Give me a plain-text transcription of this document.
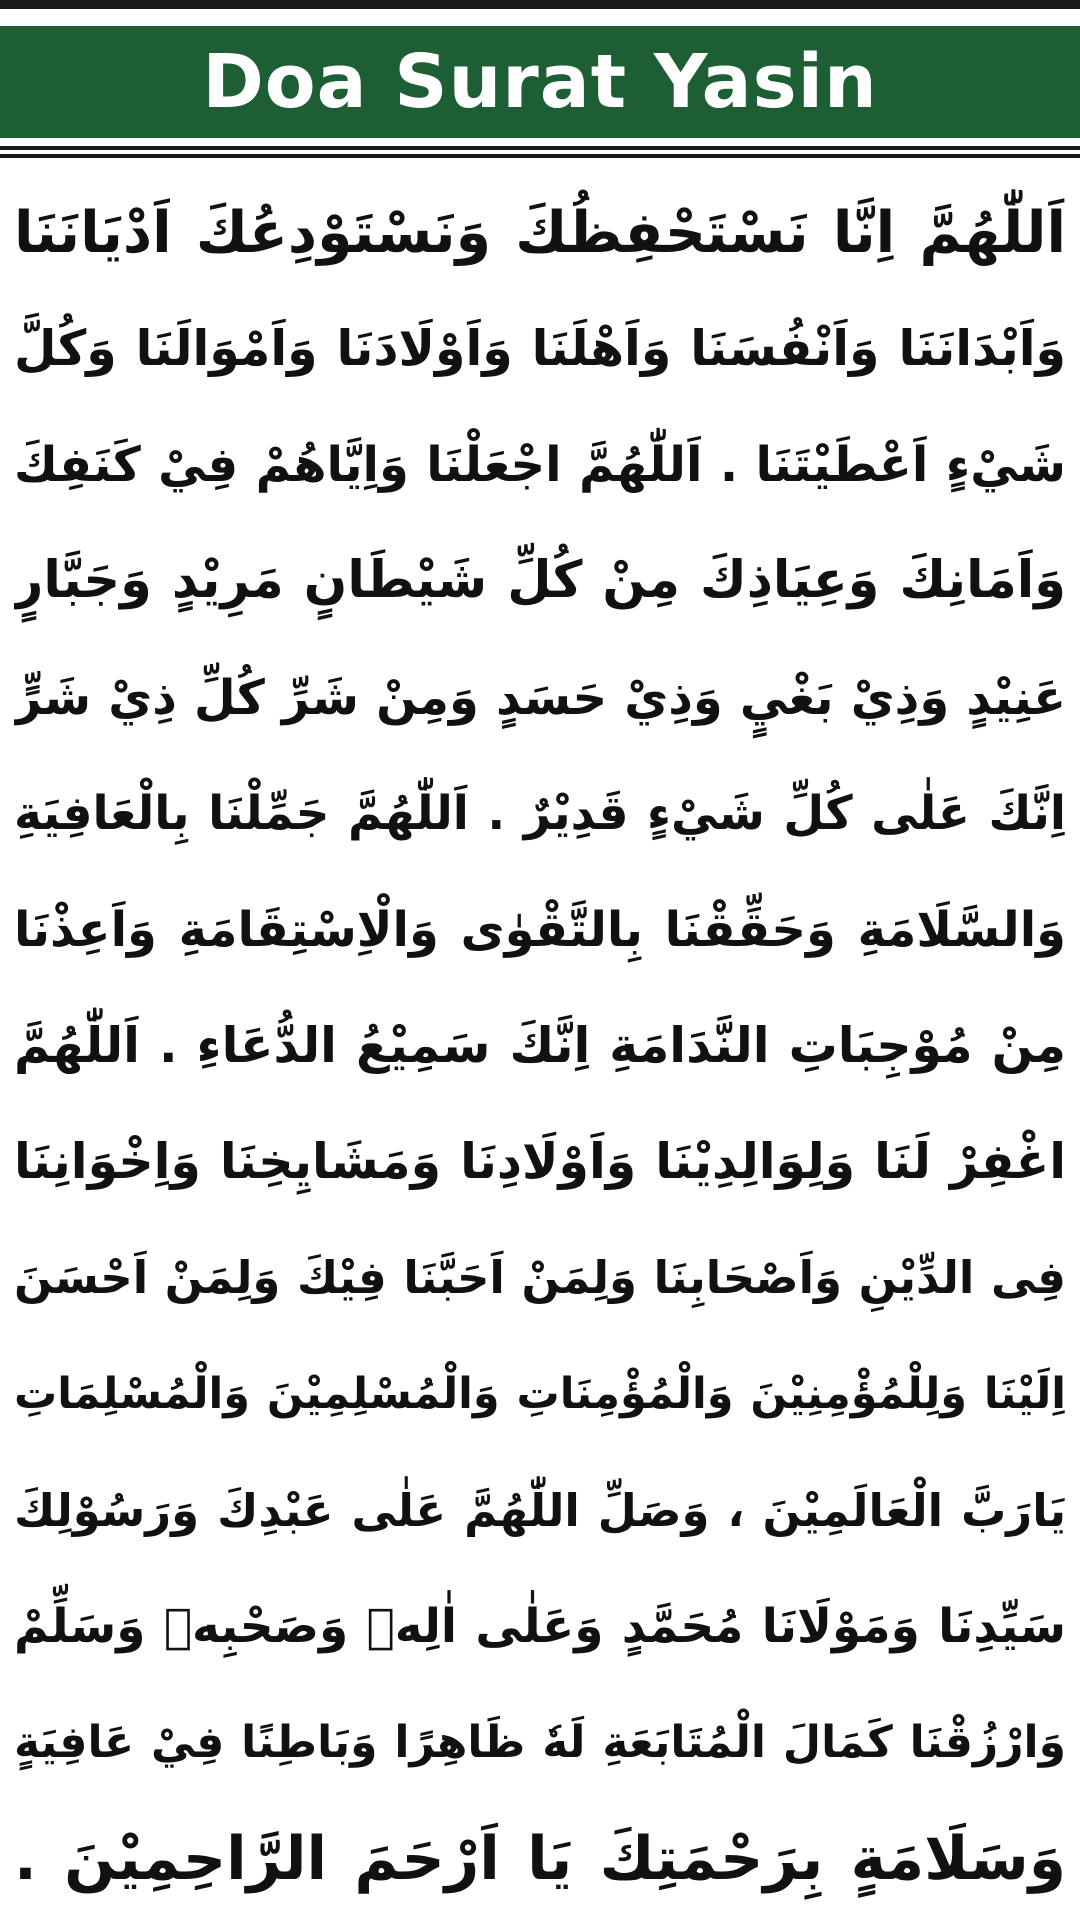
Doa Surat Yasin
اَللّٰهُمَّ اِنَّا نَسْتَحْفِظُكَ وَنَسْتَوْدِعُكَ اَدْيَانَنَا
وَاَبْدَانَنَا وَاَنْفُسَنَا وَاَهْلَنَا وَاَوْلَادَنَا وَاَمْوَالَنَا وَكُلَّ
شَيْءٍ اَعْطَيْتَنَا . اَللّٰهُمَّ اجْعَلْنَا وَاِيَّاهُمْ فِيْ كَنَفِكَ
وَاَمَانِكَ وَعِيَاذِكَ مِنْ كُلِّ شَيْطَانٍ مَرِيْدٍ وَجَبَّارٍ
عَنِيْدٍ وَذِيْ بَغْيٍ وَذِيْ حَسَدٍ وَمِنْ شَرِّ كُلِّ ذِيْ شَرٍّ
اِنَّكَ عَلٰى كُلِّ شَيْءٍ قَدِيْرٌ . اَللّٰهُمَّ جَمِّلْنَا بِالْعَافِيَةِ
وَالسَّلَامَةِ وَحَقِّقْنَا بِالتَّقْوٰى وَالْاِسْتِقَامَةِ وَاَعِذْنَا
مِنْ مُوْجِبَاتِ النَّدَامَةِ اِنَّكَ سَمِيْعُ الدُّعَاءِ . اَللّٰهُمَّ
اغْفِرْ لَنَا وَلِوَالِدِيْنَا وَاَوْلَادِنَا وَمَشَايِخِنَا وَاِخْوَانِنَا
فِى الدِّيْنِ وَاَصْحَابِنَا وَلِمَنْ اَحَبَّنَا فِيْكَ وَلِمَنْ اَحْسَنَ
اِلَيْنَا وَلِلْمُؤْمِنِيْنَ وَالْمُؤْمِنَاتِ وَالْمُسْلِمِيْنَ وَالْمُسْلِمَاتِ
يَارَبَّ الْعَالَمِيْنَ ، وَصَلِّ اللّٰهُمَّ عَلٰى عَبْدِكَ وَرَسُوْلِكَ
سَيِّدِنَا وَمَوْلَانَا مُحَمَّدٍ وَعَلٰى اٰلِهٖ وَصَحْبِهٖ وَسَلِّمْ
وَارْزُقْنَا كَمَالَ الْمُتَابَعَةِ لَهٗ ظَاهِرًا وَبَاطِنًا فِيْ عَافِيَةٍ
وَسَلَامَةٍ بِرَحْمَتِكَ يَا اَرْحَمَ الرَّاحِمِيْنَ .
